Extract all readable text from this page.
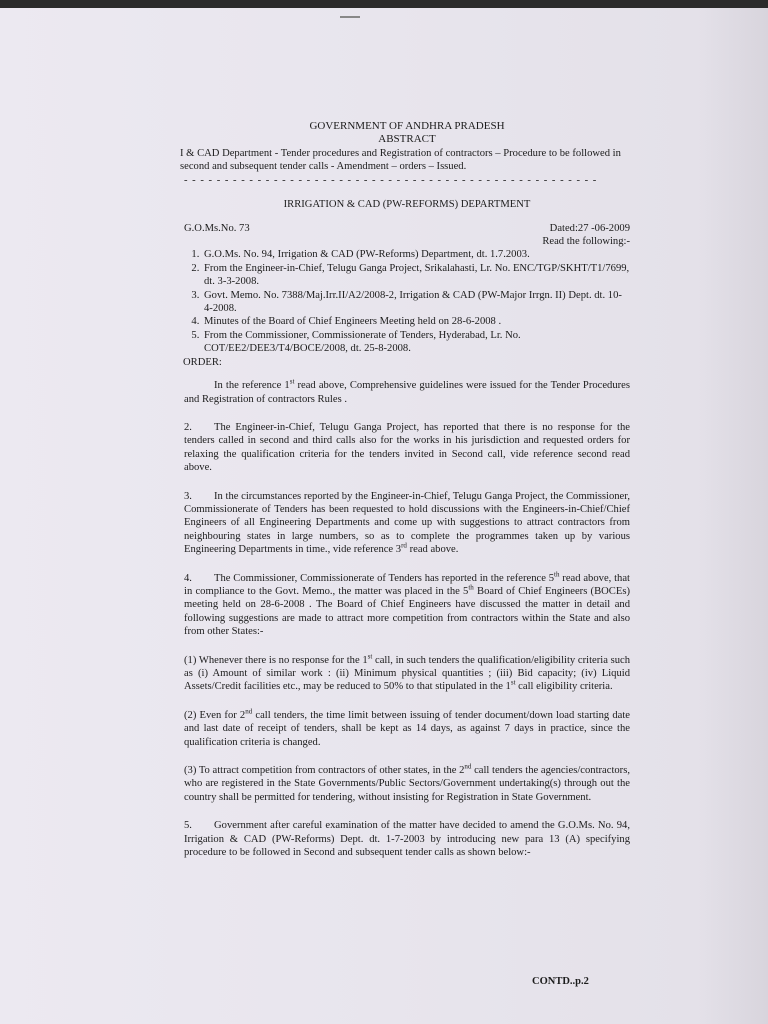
GOVERNMENT OF ANDHRA PRADESH

ABSTRACT

I & CAD Department - Tender procedures and Registration of contractors – Procedure to be followed in second and subsequent tender calls - Amendment – orders – Issued.

- - - - - - - - - - - - - - - - - - - - - - - - - - - - - - - - - - - - - - - - - - - - - - - - - - -

IRRIGATION & CAD (PW-REFORMS) DEPARTMENT

G.O.Ms.No. 73	Dated:27 -06-2009

Read the following:-

1. G.O.Ms. No. 94, Irrigation & CAD (PW-Reforms) Department, dt. 1.7.2003.
2. From the Engineer-in-Chief, Telugu Ganga Project, Srikalahasti, Lr. No. ENC/TGP/SKHT/T1/7699, dt. 3-3-2008.
3. Govt. Memo. No. 7388/Maj.Irr.II/A2/2008-2, Irrigation & CAD (PW-Major Irrgn. II) Dept. dt. 10-4-2008.
4. Minutes of the Board of Chief Engineers Meeting held on 28-6-2008 .
5. From the Commissioner, Commissionerate of Tenders, Hyderabad, Lr. No. COT/EE2/DEE3/T4/BOCE/2008, dt. 25-8-2008.

ORDER:

In the reference 1st read above, Comprehensive guidelines were issued for the Tender Procedures and Registration of contractors Rules .

2. The Engineer-in-Chief, Telugu Ganga Project, has reported that there is no response for the tenders called in second and third calls also for the works in his jurisdiction and requested orders for relaxing the qualification criteria for the tenders invited in Second call, vide reference second read above.

3. In the circumstances reported by the Engineer-in-Chief, Telugu Ganga Project, the Commissioner, Commissionerate of Tenders has been requested to hold discussions with the Engineers-in-Chief/Chief Engineers of all Engineering Departments and come up with suggestions to attract contractors from neighbouring states in large numbers, so as to complete the programmes taken up by various Engineering Departments in time., vide reference 3rd read above.

4. The Commissioner, Commissionerate of Tenders has reported in the reference 5th read above, that in compliance to the Govt. Memo., the matter was placed in the 5th Board of Chief Engineers (BOCEs) meeting held on 28-6-2008 . The Board of Chief Engineers have discussed the matter in detail and following suggestions are made to attract more competition from contractors within the State and also from other States:-

(1) Whenever there is no response for the 1st call, in such tenders the qualification/eligibility criteria such as (i) Amount of similar work : (ii) Minimum physical quantities ; (iii) Bid capacity; (iv) Liquid Assets/Credit facilities etc., may be reduced to 50% to that stipulated in the 1st call eligibility criteria.

(2) Even for 2nd call tenders, the time limit between issuing of tender document/down load starting date and last date of receipt of tenders, shall be kept as 14 days, as against 7 days in practice, since the qualification criteria is changed.

(3) To attract competition from contractors of other states, in the 2nd call tenders the agencies/contractors, who are registered in the State Governments/Public Sectors/Government undertaking(s) through out the country shall be permitted for tendering, without insisting for Registration in State Government.

5. Government after careful examination of the matter have decided to amend the G.O.Ms. No. 94, Irrigation & CAD (PW-Reforms) Dept. dt. 1-7-2003 by introducing new para 13 (A) specifying procedure to be followed in Second and subsequent tender calls as shown below:-

CONTD..p.2
